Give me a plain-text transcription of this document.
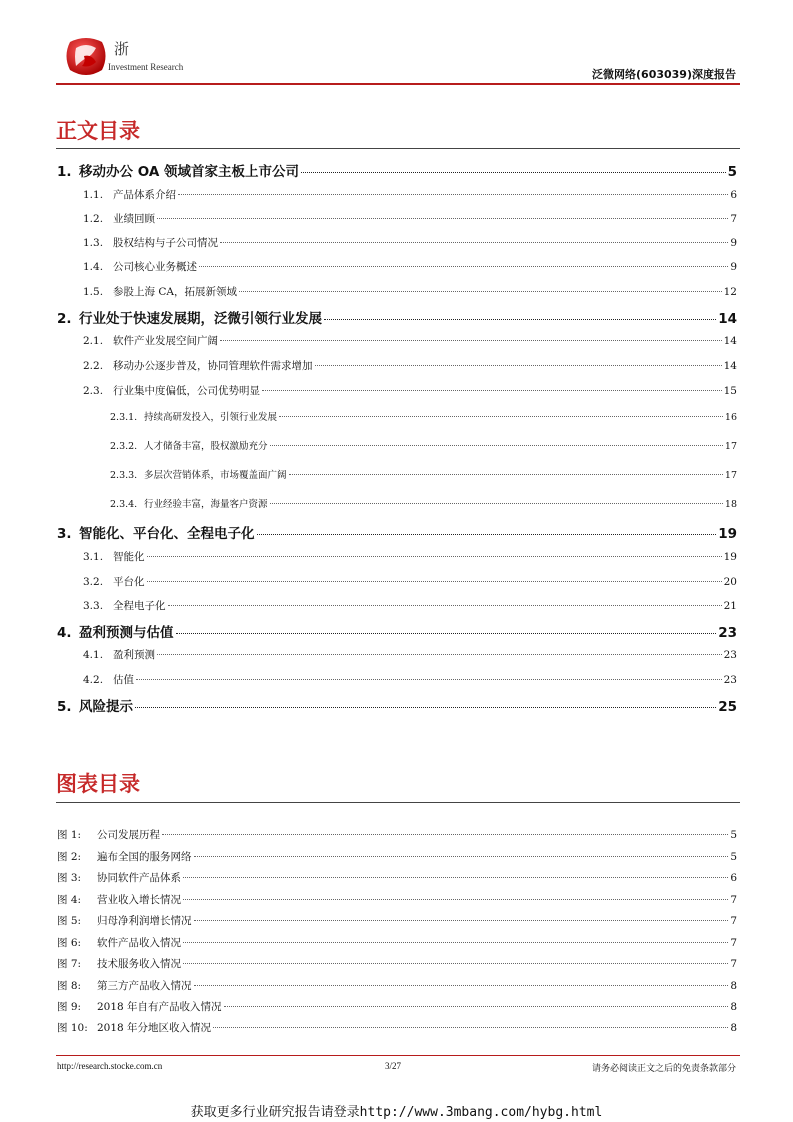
浙
Investment Research
泛微网络(603039)深度报告
正文目录
1. 移动办公 OA 领域首家主板上市公司	5
1.1. 产品体系介绍	6
1.2. 业绩回顾	7
1.3. 股权结构与子公司情况	9
1.4. 公司核心业务概述	9
1.5. 参股上海 CA，拓展新领域	12
2. 行业处于快速发展期，泛微引领行业发展	14
2.1. 软件产业发展空间广阔	14
2.2. 移动办公逐步普及，协同管理软件需求增加	14
2.3. 行业集中度偏低，公司优势明显	15
2.3.1. 持续高研发投入，引领行业发展	16
2.3.2. 人才储备丰富，股权激励充分	17
2.3.3. 多层次营销体系，市场覆盖面广阔	17
2.3.4. 行业经验丰富，海量客户资源	18
3. 智能化、平台化、全程电子化	19
3.1. 智能化	19
3.2. 平台化	20
3.3. 全程电子化	21
4. 盈利预测与估值	23
4.1. 盈利预测	23
4.2. 估值	23
5. 风险提示	25
图表目录
图 1:	公司发展历程	5
图 2:	遍布全国的服务网络	5
图 3:	协同软件产品体系	6
图 4:	营业收入增长情况	7
图 5:	归母净利润增长情况	7
图 6:	软件产品收入情况	7
图 7:	技术服务收入情况	7
图 8:	第三方产品收入情况	8
图 9:	2018 年自有产品收入情况	8
图 10: 2018 年分地区收入情况	8
http://research.stocke.com.cn	3/27	请务必阅读正文之后的免责条款部分
获取更多行业研究报告请登录http://www.3mbang.com/hybg.html
